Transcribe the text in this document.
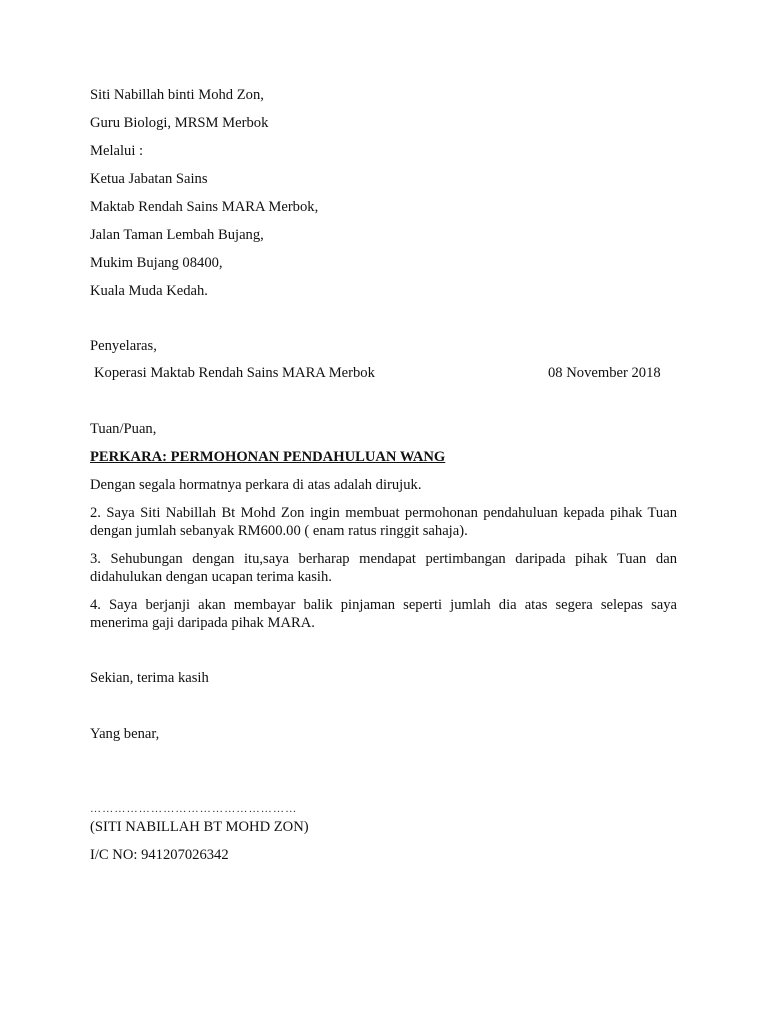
Siti Nabillah binti Mohd Zon,
Guru Biologi, MRSM Merbok
Melalui :
Ketua Jabatan Sains
Maktab Rendah Sains MARA Merbok,
Jalan Taman Lembah Bujang,
Mukim Bujang 08400,
Kuala Muda Kedah.
Penyelaras,
Koperasi Maktab Rendah Sains MARA Merbok	08 November 2018
Tuan/Puan,
PERKARA: PERMOHONAN PENDAHULUAN WANG
Dengan segala hormatnya perkara di atas adalah dirujuk.
2. Saya Siti Nabillah Bt Mohd Zon ingin membuat permohonan pendahuluan kepada pihak Tuan dengan jumlah sebanyak RM600.00 ( enam ratus ringgit sahaja).
3. Sehubungan dengan itu,saya berharap mendapat pertimbangan daripada pihak Tuan dan didahulukan dengan ucapan terima kasih.
4. Saya berjanji akan membayar balik pinjaman seperti jumlah dia atas segera selepas saya menerima gaji daripada pihak MARA.
Sekian, terima kasih
Yang benar,
……………………………………………
(SITI NABILLAH BT MOHD ZON)
I/C NO: 941207026342
